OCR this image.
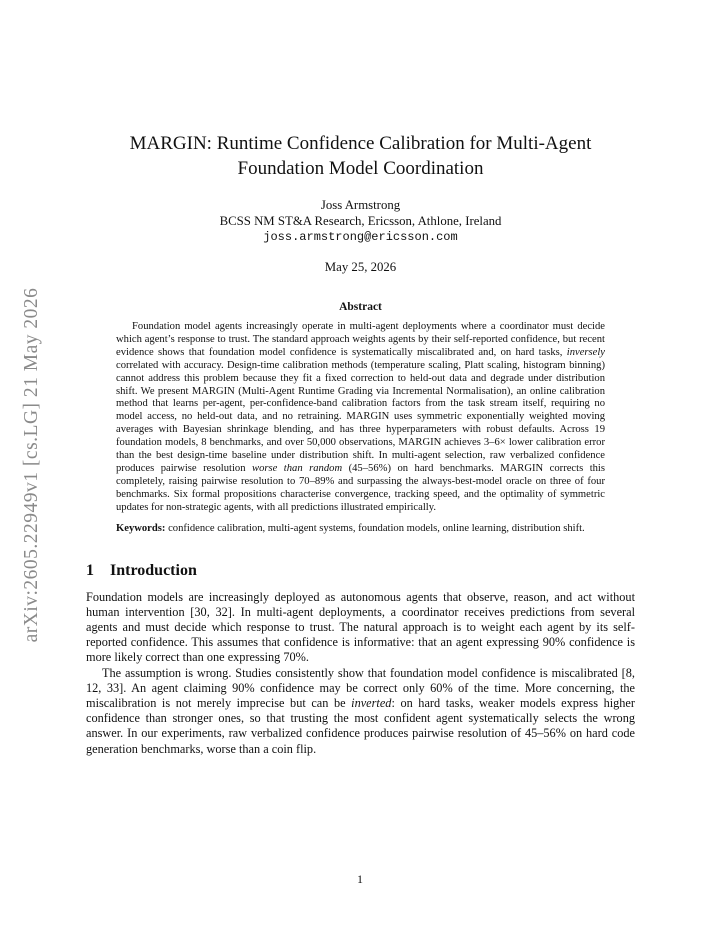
arXiv:2605.22949v1 [cs.LG] 21 May 2026
MARGIN: Runtime Confidence Calibration for Multi-Agent
Foundation Model Coordination
Joss Armstrong
BCSS NM ST&A Research, Ericsson, Athlone, Ireland
joss.armstrong@ericsson.com
May 25, 2026
Abstract

Foundation model agents increasingly operate in multi-agent deployments where a coordinator must decide which agent’s response to trust. The standard approach weights agents by their self-reported confidence, but recent evidence shows that foundation model confidence is systematically miscalibrated and, on hard tasks, inversely correlated with accuracy. Design-time calibration methods (temperature scaling, Platt scaling, histogram binning) cannot address this problem because they fit a fixed correction to held-out data and degrade under distribution shift. We present MARGIN (Multi-Agent Runtime Grading via Incremental Normalisation), an online calibration method that learns per-agent, per-confidence-band calibration factors from the task stream itself, requiring no model access, no held-out data, and no retraining. MARGIN uses symmetric exponentially weighted moving averages with Bayesian shrinkage blending, and has three hyperparameters with robust defaults. Across 19 foundation models, 8 benchmarks, and over 50,000 observations, MARGIN achieves 3–6× lower calibration error than the best design-time baseline under distribution shift. In multi-agent selection, raw verbalized confidence produces pairwise resolution worse than random (45–56%) on hard benchmarks. MARGIN corrects this completely, raising pairwise resolution to 70–89% and surpassing the always-best-model oracle on three of four benchmarks. Six formal propositions characterise convergence, tracking speed, and the optimality of symmetric updates for non-strategic agents, with all predictions illustrated empirically.

Keywords: confidence calibration, multi-agent systems, foundation models, online learning, distribution shift.

1 Introduction

Foundation models are increasingly deployed as autonomous agents that observe, reason, and act without human intervention [30, 32]. In multi-agent deployments, a coordinator receives predictions from several agents and must decide which response to trust. The natural approach is to weight each agent by its self-reported confidence. This assumes that confidence is informative: that an agent expressing 90% confidence is more likely correct than one expressing 70%.

The assumption is wrong. Studies consistently show that foundation model confidence is miscalibrated [8, 12, 33]. An agent claiming 90% confidence may be correct only 60% of the time. More concerning, the miscalibration is not merely imprecise but can be inverted: on hard tasks, weaker models express higher confidence than stronger ones, so that trusting the most confident agent systematically selects the wrong answer. In our experiments, raw verbalized confidence produces pairwise resolution of 45–56% on hard code generation benchmarks, worse than a coin flip.

1
